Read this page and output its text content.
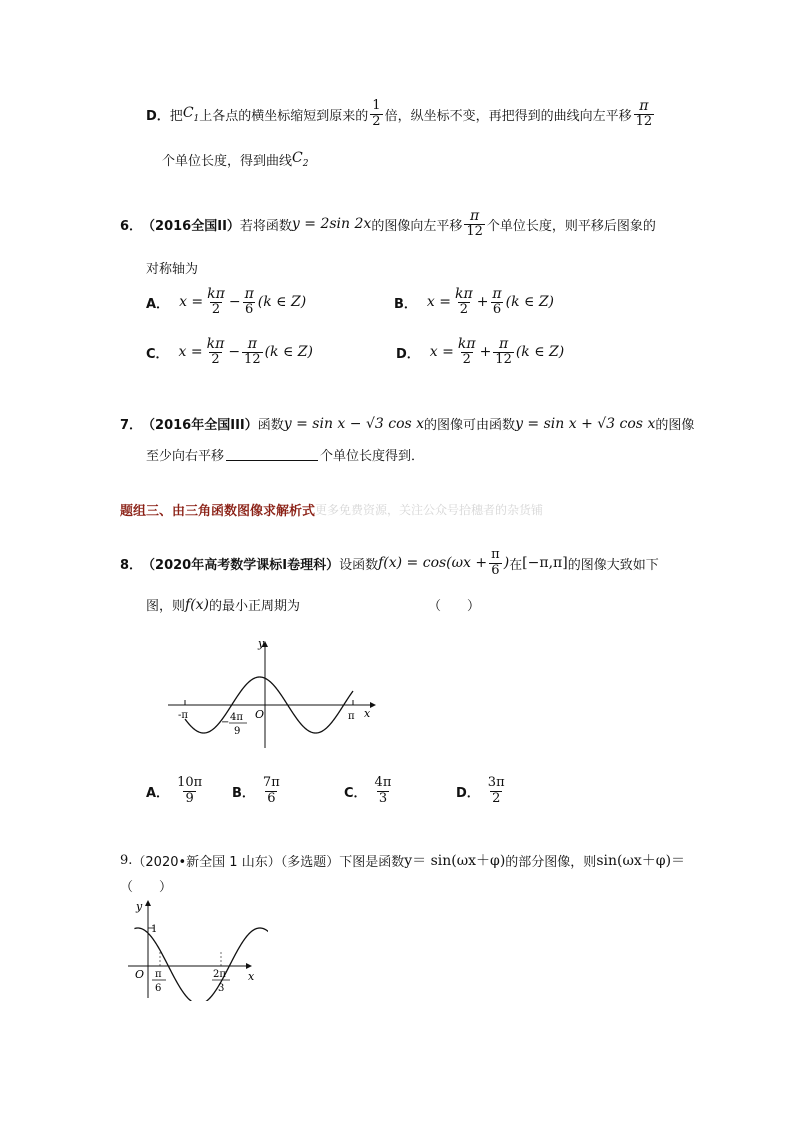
D． 把 $C_1$ 上各点的横坐标缩短到原来的 $\frac{1}{2}$ 倍，纵坐标不变，再把得到的曲线向左平移 $\frac{\pi}{12}$
个单位长度，得到曲线 $C_2$
6． （2016全国II） 若将函数 y = 2sin 2x 的图像向左平移 $\frac{\pi}{12}$ 个单位长度，则平移后图象的
对称轴为
A． $x = \frac{k\pi}{2} - \frac{\pi}{6} (k$ ∈ Z)	B． $x = \frac{k\pi}{2} + \frac{\pi}{6} (k$ ∈ Z)
C． $x = \frac{k\pi}{2} - \frac{\pi}{12} (k$ ∈ Z)	D． $x = \frac{k\pi}{2} + \frac{\pi}{12} (k$ ∈ Z)
7． （2016年全国III） 函数 y = sin x − √3 cos x 的图像可由函数 y = sin x + √3 cos x 的图像
至少向右平移	个单位长度得到．
题组三、由三角函数图像求解析式 更多免费资源，关注公众号拾穗者的杂货铺
8． （2020年高考数学课标Ⅰ卷理科） 设函数 $f(x) = \cos(\omega x + \frac{\pi}{6}$ ) 在 [−π,π] 的图像大致如下
图，则 f(x) 的最小正周期为	（　　）
y
x
O
-π	π
− 4π
9
A． $\frac{10\pi}{9}$ B． $\frac{7\pi}{6}$	C． $\frac{4\pi}{3}$	D． $\frac{3\pi}{2}$
9. （2020•新全国 1 山东）（多选题） 下图是函数 y＝ sin(ωx＋φ) 的部分图像，则 sin(ωx＋φ)＝
（　　）
y
x
O
1
π
6
2π
3
